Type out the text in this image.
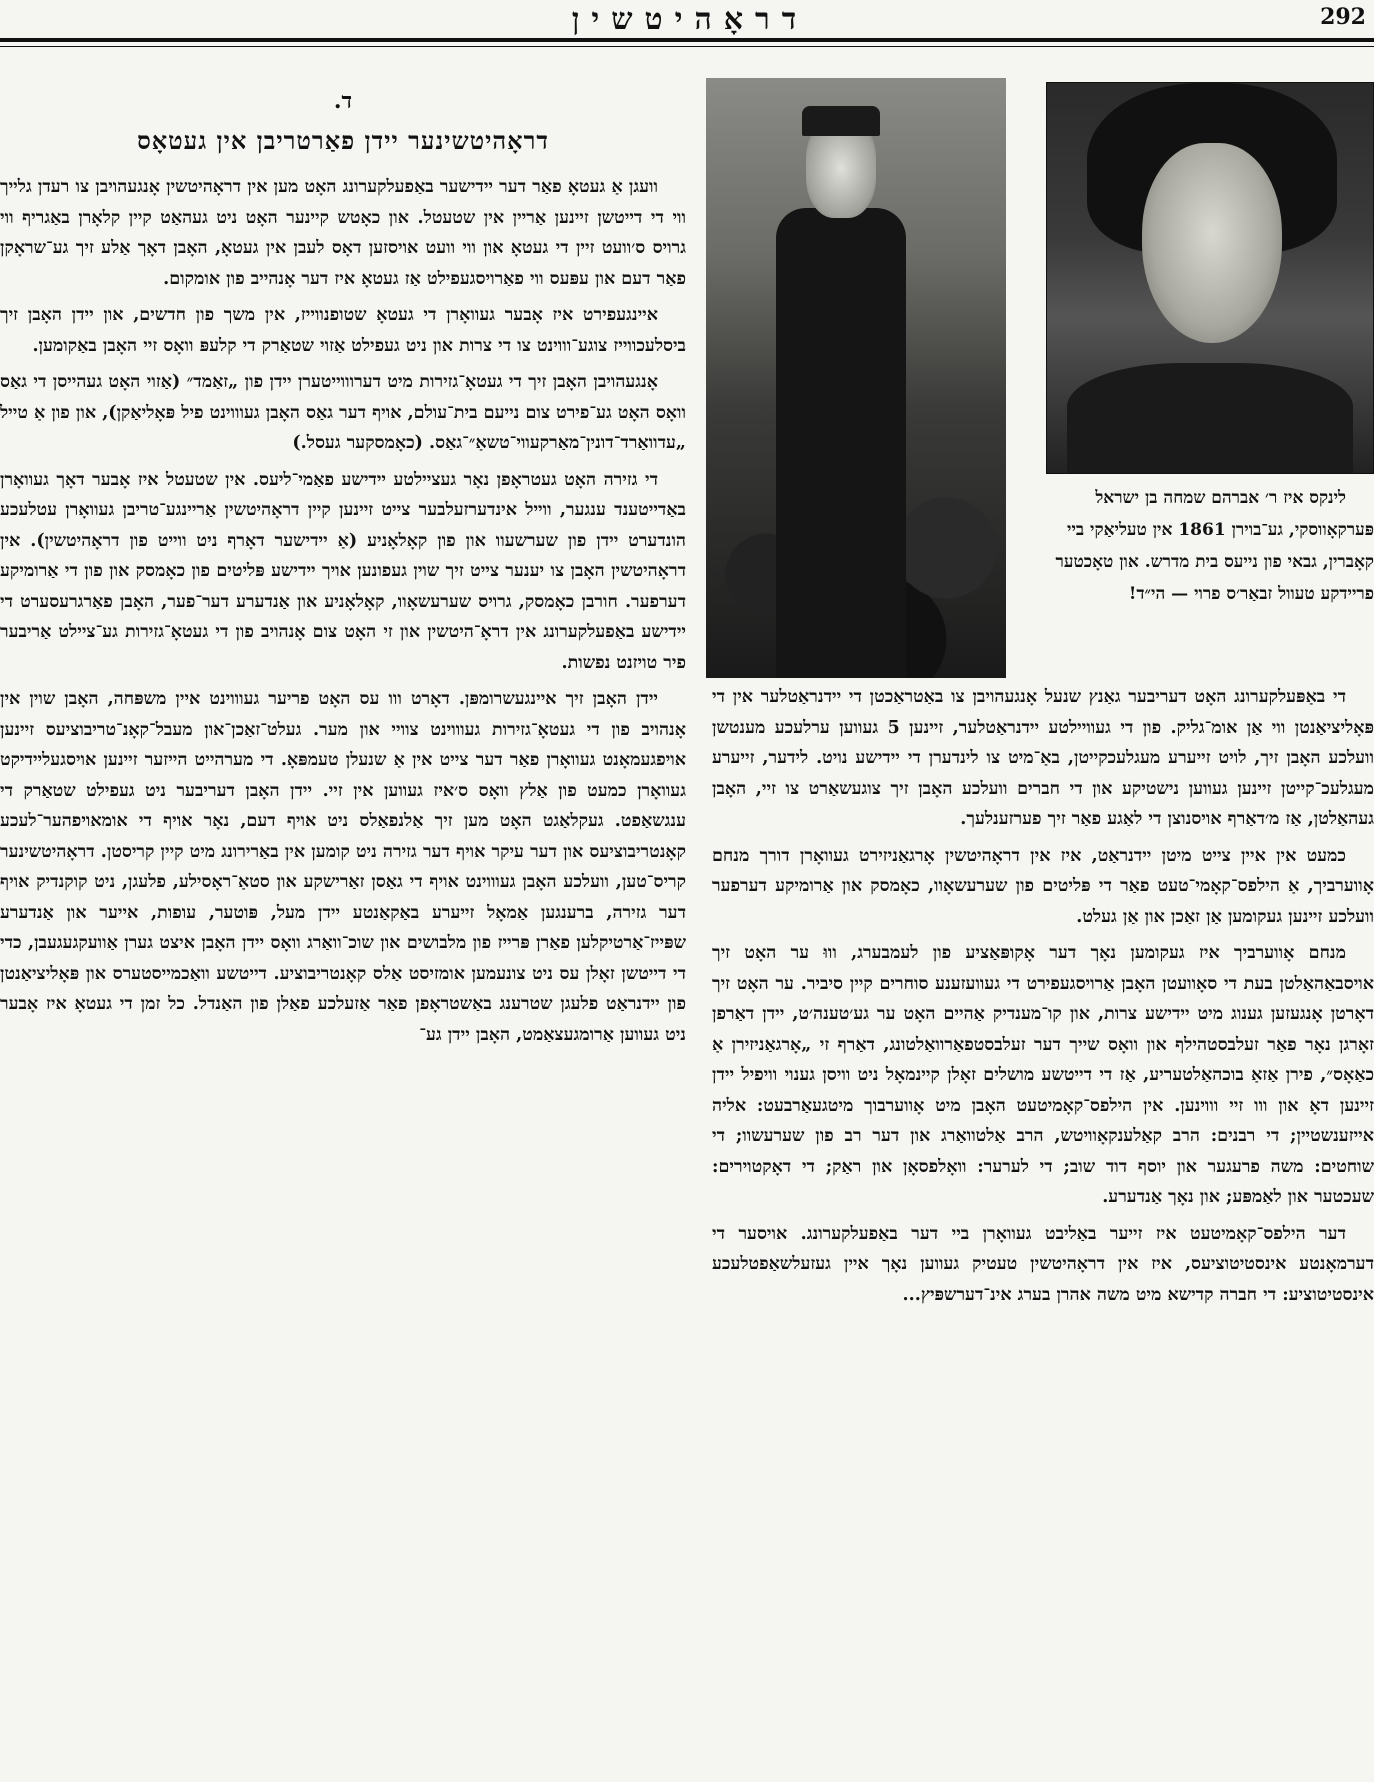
דראָהיטשין	292

לינקס איז ר׳ אברהם שמחה בן ישראל פּערקאָווסקי, גע־בוירן 1861 אין טעליאַקי ביי קאָברין, גבאי פון נייעס בית מדרש. און טאָכטער פריידקע טעוול זבאַר׳ס פרוי — הי״ד!

די באַפּעלקערונג האָט דעריבער גאַנץ שנעל אָנגעהויבן צו באַטראַכטן די יידנראַטלער אין די פּאָליציאַנטן ווי אַן אומ־גליק. פון די געוויילטע יידנראַטלער, זיינען 5 געווען ערלעכע מענטשן וועלכע האָבן זיך, לויט זייערע מעגלעכקייטן, באַ־מיט צו לינדערן די יידישע נויט. לידער, זייערע מעגלעכ־קייטן זיינען געווען נישטיקע און די חברים וועלכע האָבן זיך צוגעשאַרט צו זיי, האָבן געהאַלטן, אַז מ׳דאַרף אויסנוצן די לאַגע פאַר זיך פערזענלעך.

כמעט אין איין צייט מיטן יידנראַט, איז אין דראָהיטשין אָרגאַניזירט געוואָרן דורך מנחם אָווערביך, אַ הילפס־קאָמי־טעט פאַר די פּליטים פון שערעשאָוו, כאָמסק און אַרומיקע דערפער וועלכע זיינען געקומען אַן זאַכן און אַן געלט.

מנחם אָווערביך איז געקומען נאָך דער אָקופּאַציע פון לעמבערג, וווּ ער האָט זיך אויסבאַהאַלטן בעת די סאָוועטן האָבן אַרויסגעפירט די געוועזענע סוחרים קיין סיביר. ער האָט זיך דאָרטן אָנגעזען גענוג מיט יידישע צרות, און קו־מענדיק אַהיים האָט ער גע׳טענה׳ט, יידן דאַרפן זאָרגן נאָר פאַר זעלבסטהילף און וואָס שייך דער זעלבסטפאַרוואַלטונג, דאַרף זי „אָרגאַניזירן אַ כאַאָס״, פירן אַזאַ בוכהאַלטעריע, אַז די דייטשע מושלים זאָלן קיינמאָל ניט וויסן גענוי וויפיל יידן זיינען דאָ און ווו זיי וווינען. אין הילפס־קאָמיטעט האָבן מיט אָווערבוך מיטגעאַרבעט: אליה אייזענשטיין; די רבנים: הרב קאַלענקאָוויטש, הרב אַלטוואַרג און דער רב פון שערעשוו; די שוחטים: משה פרעגער און יוסף דוד שוב; די לערער: וואָלפסאָן און ראַק; די דאָקטוירים: שעכטער און לאַמפּע; און נאָך אַנדערע.

דער הילפס־קאָמיטעט איז זייער באַליבט געוואָרן ביי דער באַפעלקערונג. אויסער די דערמאָנטע אינסטיטוציעס, איז אין דראָהיטשין טעטיק געווען נאָך איין געזעלשאַפטלעכע אינסטיטוציע: די חברה קדישא מיט משה אהרן בערג אינ־דערשפּיץ...

ד.
דראָהיטשינער יידן פאַרטריבן אין געטאָס

וועגן אַ געטאָ פאַר דער יידישער באַפעלקערונג האָט מען אין דראָהיטשין אָנגעהויבן צו רעדן גלייך ווי די דייטשן זיינען אַריין אין שטעטל. און כאָטש קיינער האָט ניט געהאַט קיין קלאָרן באַגריף ווי גרויס ס׳וועט זיין די געטאָ און ווי וועט אויסזען דאָס לעבן אין געטאָ, האָבן דאָך אַלע זיך גע־שראָקן פאַר דעם און עפּעס ווי פאַרויסגעפילט אַז געטאָ איז דער אָנהייב פון אומקום.

איינגעפירט איז אָבער געוואָרן די געטאָ שטופנווייז, אין משך פון חדשים, און יידן האָבן זיך ביסלעכווייז צוגע־וווינט צו די צרות און ניט געפילט אַזוי שטאַרק די קלעפּ וואָס זיי האָבן באַקומען.

אָנגעהויבן האָבן זיך די געטאָ־גזירות מיט דערוווייטערן יידן פון „זאַמד״ (אַזוי האָט געהייסן די גאַס וואָס האָט גע־פירט צום נייעם בית־עולם, אויף דער גאַס האָבן געוווינט פיל פּאָליאַקן), און פון אַ טייל „עדוואַרד־דונין־מאַרקעווי־טשאַ״־גאַס. (כאָמסקער געסל.)

די גזירה האָט געטראָפן נאָר געציילטע יידישע פאַמי־ליעס. אין שטעטל איז אָבער דאָך געוואָרן באַדייטענד ענגער, ווייל אינדערזעלבער צייט זיינען קיין דראָהיטשין אַריינגע־טריבן געוואָרן עטלעכע הונדערט יידן פון שערשעוו און פון קאָלאָניע (אַ יידישער דאָרף ניט ווייט פון דראָהיטשין). אין דראָהיטשין האָבן צו יענער צייט זיך שוין געפונען אויך יידישע פּליטים פון כאָמסק און פון די אַרומיקע דערפער. חורבן כאָמסק, גרויס שערעשאָוו, קאָלאָניע און אַנדערע דער־פער, האָבן פאַרגרעסערט די יידישע באַפעלקערונג אין דראָ־היטשין און זי האָט צום אָנהויב פון די געטאָ־גזירות גע־ציילט אַריבער פיר טויזנט נפשות.

יידן האָבן זיך איינגעשרומפּן. דאָרט ווו עס האָט פריער געוווינט איין משפּחה, האָבן שוין אין אָנהויב פון די געטאָ־גזירות געוווינט צוויי און מער. געלט־זאַכן־און מעבל־קאָנ־טריבוציעס זיינען אויפגעמאָנט געוואָרן פאַר דער צייט אין אַ שנעלן טעמפּאָ. די מערהייט הייזער זיינען אויסגעליידיקט געוואָרן כמעט פון אַלץ וואָס ס׳איז געווען אין זיי. יידן האָבן דעריבער ניט געפילט שטאַרק די ענגשאַפט. געקלאַגט האָט מען זיך אַלנפאַלס ניט אויף דעם, נאָר אויף די אומאויפהער־לעכע קאָנטריבוציעס און דער עיקר אויף דער גזירה ניט קומען אין באַרירונג מיט קיין קריסטן. דראָהיטשינער קריס־טען, וועלכע האָבן געוווינט אויף די גאַסן זאַרישקע און סטאַ־ראָסילע, פלעגן, ניט קוקנדיק אויף דער גזירה, ברענגען אַמאָל זייערע באַקאַנטע יידן מעל, פּוטער, עופות, אייער און אַנדערע שפּייז־אַרטיקלען פאַרן פּרייז פון מלבושים און שוכ־וואַרג וואָס יידן האָבן איצט גערן אַוועקגעגעבן, כדי די דייטשן זאָלן עס ניט צונעמען אומזיסט אַלס קאָנטריבוציע. דייטשע וואַכמייסטערס און פּאָליציאַנטן פון יידנראַט פלעגן שטרענג באַשטראָפן פאַר אַזעלכע פאַלן פון האַנדל. כל זמן די געטאָ איז אָבער ניט געווען אַרומגעצאַמט, האָבן יידן גע־
